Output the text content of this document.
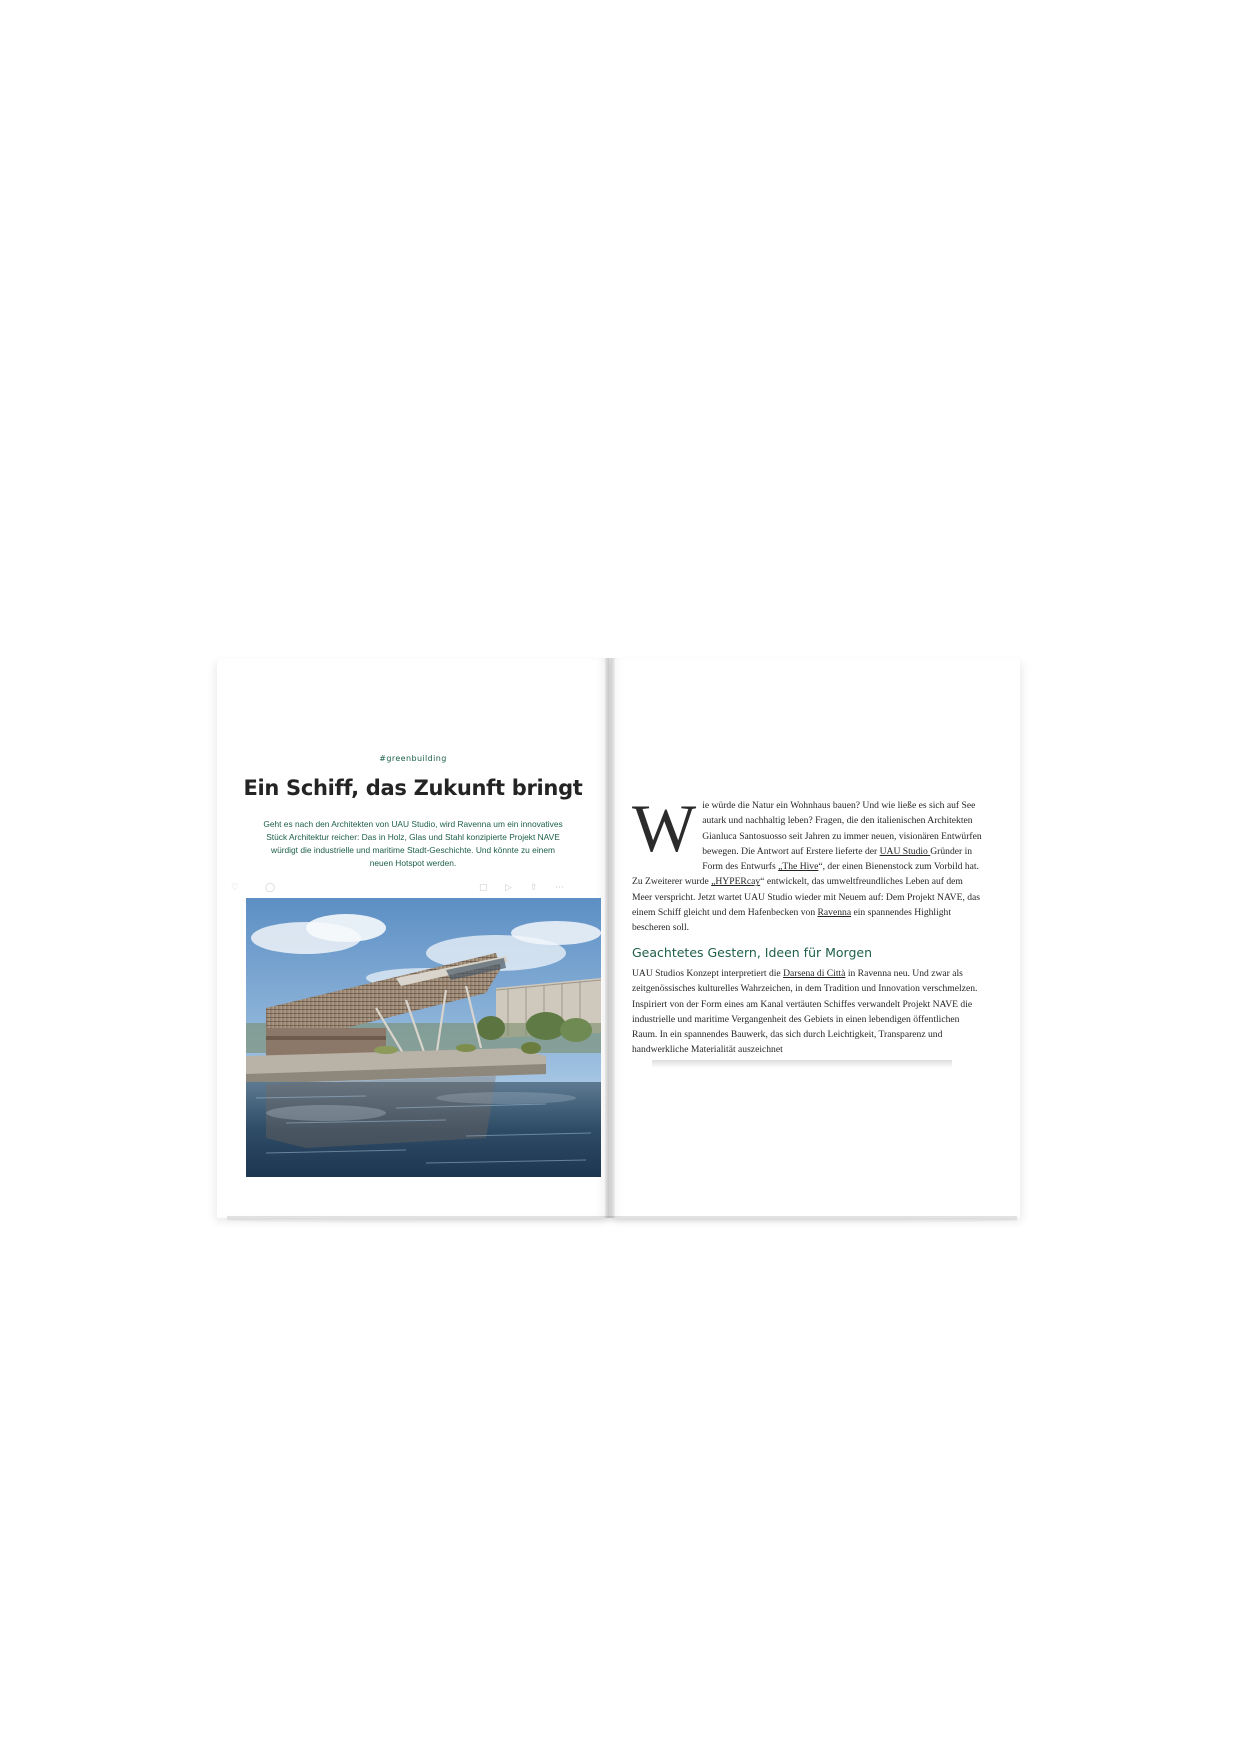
#greenbuilding
Ein Schiff, das Zukunft bringt

Geht es nach den Architekten von UAU Studio, wird Ravenna um ein innovatives Stück Architektur reicher: Das in Holz, Glas und Stahl konzipierte Projekt NAVE würdigt die industrielle und maritime Stadt-Geschichte. Und könnte zu einem neuen Hotspot werden.

♡	◯	□ ▷ ⇧ ⋯
W ie würde die Natur ein Wohnhaus bauen? Und wie ließe es sich auf See autark und nachhaltig leben? Fragen, die den italienischen Architekten Gianluca Santosuosso seit Jahren zu immer neuen, visionären Entwürfen bewegen. Die Antwort auf Erstere lieferte der UAU Studio Gründer in Form des Entwurfs „The Hive“, der einen Bienenstock zum Vorbild hat. Zu Zweiterer wurde „HYPERcay“ entwickelt, das umweltfreundliches Leben auf dem Meer verspricht. Jetzt wartet UAU Studio wieder mit Neuem auf: Dem Projekt NAVE, das einem Schiff gleicht und dem Hafenbecken von Ravenna ein spannendes Highlight bescheren soll.

Geachtetes Gestern, Ideen für Morgen

UAU Studios Konzept interpretiert die Darsena di Città in Ravenna neu. Und zwar als zeitgenössisches kulturelles Wahrzeichen, in dem Tradition und Innovation verschmelzen. Inspiriert von der Form eines am Kanal vertäuten Schiffes verwandelt Projekt NAVE die industrielle und maritime Vergangenheit des Gebiets in einen lebendigen öffentlichen Raum. In ein spannendes Bauwerk, das sich durch Leichtigkeit, Transparenz und handwerkliche Materialität auszeichnet
